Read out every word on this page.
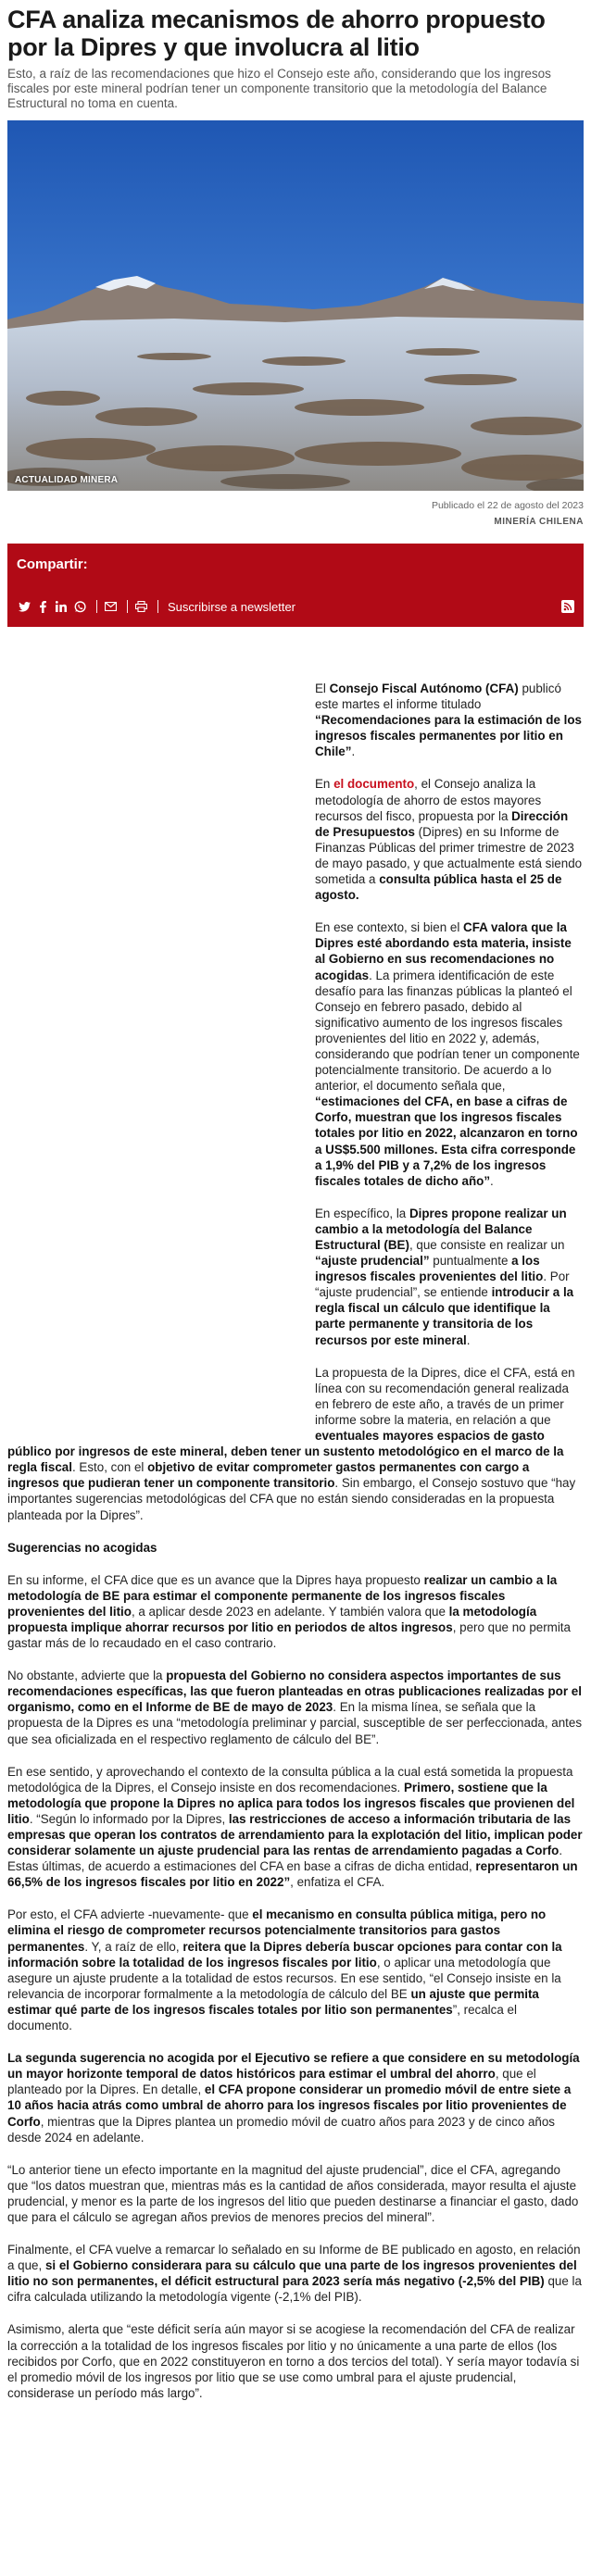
CFA analiza mecanismos de ahorro propuesto por la Dipres y que involucra al litio

Esto, a raíz de las recomendaciones que hizo el Consejo este año, considerando que los ingresos fiscales por este mineral podrían tener un componente transitorio que la metodología del Balance Estructural no toma en cuenta.

ACTUALIDAD MINERA

Publicado el 22 de agosto del 2023

MINERÍA CHILENA

Compartir:
Suscribirse a newsletter

El Consejo Fiscal Autónomo (CFA) publicó este martes el informe titulado “Recomendaciones para la estimación de los ingresos fiscales permanentes por litio en Chile”.

En el documento, el Consejo analiza la metodología de ahorro de estos mayores recursos del fisco, propuesta por la Dirección de Presupuestos (Dipres) en su Informe de Finanzas Públicas del primer trimestre de 2023 de mayo pasado, y que actualmente está siendo sometida a consulta pública hasta el 25 de agosto.

En ese contexto, si bien el CFA valora que la Dipres esté abordando esta materia, insiste al Gobierno en sus recomendaciones no acogidas. La primera identificación de este desafío para las finanzas públicas la planteó el Consejo en febrero pasado, debido al significativo aumento de los ingresos fiscales provenientes del litio en 2022 y, además, considerando que podrían tener un componente potencialmente transitorio. De acuerdo a lo anterior, el documento señala que, “estimaciones del CFA, en base a cifras de Corfo, muestran que los ingresos fiscales totales por litio en 2022, alcanzaron en torno a US$5.500 millones. Esta cifra corresponde a 1,9% del PIB y a 7,2% de los ingresos fiscales totales de dicho año”.

En específico, la Dipres propone realizar un cambio a la metodología del Balance Estructural (BE), que consiste en realizar un “ajuste prudencial” puntualmente a los ingresos fiscales provenientes del litio. Por “ajuste prudencial”, se entiende introducir a la regla fiscal un cálculo que identifique la parte permanente y transitoria de los recursos por este mineral.

La propuesta de la Dipres, dice el CFA, está en línea con su recomendación general realizada en febrero de este año, a través de un primer informe sobre la materia, en relación a que eventuales mayores espacios de gasto público por ingresos de este mineral, deben tener un sustento metodológico en el marco de la regla fiscal. Esto, con el objetivo de evitar comprometer gastos permanentes con cargo a ingresos que pudieran tener un componente transitorio. Sin embargo, el Consejo sostuvo que “hay importantes sugerencias metodológicas del CFA que no están siendo consideradas en la propuesta planteada por la Dipres”.

Sugerencias no acogidas

En su informe, el CFA dice que es un avance que la Dipres haya propuesto realizar un cambio a la metodología de BE para estimar el componente permanente de los ingresos fiscales provenientes del litio, a aplicar desde 2023 en adelante. Y también valora que la metodología propuesta implique ahorrar recursos por litio en periodos de altos ingresos, pero que no permita gastar más de lo recaudado en el caso contrario.

No obstante, advierte que la propuesta del Gobierno no considera aspectos importantes de sus recomendaciones específicas, las que fueron planteadas en otras publicaciones realizadas por el organismo, como en el Informe de BE de mayo de 2023. En la misma línea, se señala que la propuesta de la Dipres es una “metodología preliminar y parcial, susceptible de ser perfeccionada, antes que sea oficializada en el respectivo reglamento de cálculo del BE”.

En ese sentido, y aprovechando el contexto de la consulta pública a la cual está sometida la propuesta metodológica de la Dipres, el Consejo insiste en dos recomendaciones. Primero, sostiene que la metodología que propone la Dipres no aplica para todos los ingresos fiscales que provienen del litio. “Según lo informado por la Dipres, las restricciones de acceso a información tributaria de las empresas que operan los contratos de arrendamiento para la explotación del litio, implican poder considerar solamente un ajuste prudencial para las rentas de arrendamiento pagadas a Corfo. Estas últimas, de acuerdo a estimaciones del CFA en base a cifras de dicha entidad, representaron un 66,5% de los ingresos fiscales por litio en 2022”, enfatiza el CFA.

Por esto, el CFA advierte -nuevamente- que el mecanismo en consulta pública mitiga, pero no elimina el riesgo de comprometer recursos potencialmente transitorios para gastos permanentes. Y, a raíz de ello, reitera que la Dipres debería buscar opciones para contar con la información sobre la totalidad de los ingresos fiscales por litio, o aplicar una metodología que asegure un ajuste prudente a la totalidad de estos recursos. En ese sentido, “el Consejo insiste en la relevancia de incorporar formalmente a la metodología de cálculo del BE un ajuste que permita estimar qué parte de los ingresos fiscales totales por litio son permanentes”, recalca el documento.

La segunda sugerencia no acogida por el Ejecutivo se refiere a que considere en su metodología un mayor horizonte temporal de datos históricos para estimar el umbral del ahorro, que el planteado por la Dipres. En detalle, el CFA propone considerar un promedio móvil de entre siete a 10 años hacia atrás como umbral de ahorro para los ingresos fiscales por litio provenientes de Corfo, mientras que la Dipres plantea un promedio móvil de cuatro años para 2023 y de cinco años desde 2024 en adelante.

“Lo anterior tiene un efecto importante en la magnitud del ajuste prudencial”, dice el CFA, agregando que “los datos muestran que, mientras más es la cantidad de años considerada, mayor resulta el ajuste prudencial, y menor es la parte de los ingresos del litio que pueden destinarse a financiar el gasto, dado que para el cálculo se agregan años previos de menores precios del mineral”.

Finalmente, el CFA vuelve a remarcar lo señalado en su Informe de BE publicado en agosto, en relación a que, si el Gobierno considerara para su cálculo que una parte de los ingresos provenientes del litio no son permanentes, el déficit estructural para 2023 sería más negativo (-2,5% del PIB) que la cifra calculada utilizando la metodología vigente (-2,1% del PIB).

Asimismo, alerta que “este déficit sería aún mayor si se acogiese la recomendación del CFA de realizar la corrección a la totalidad de los ingresos fiscales por litio y no únicamente a una parte de ellos (los recibidos por Corfo, que en 2022 constituyeron en torno a dos tercios del total). Y sería mayor todavía si el promedio móvil de los ingresos por litio que se use como umbral para el ajuste prudencial, considerase un período más largo”.
